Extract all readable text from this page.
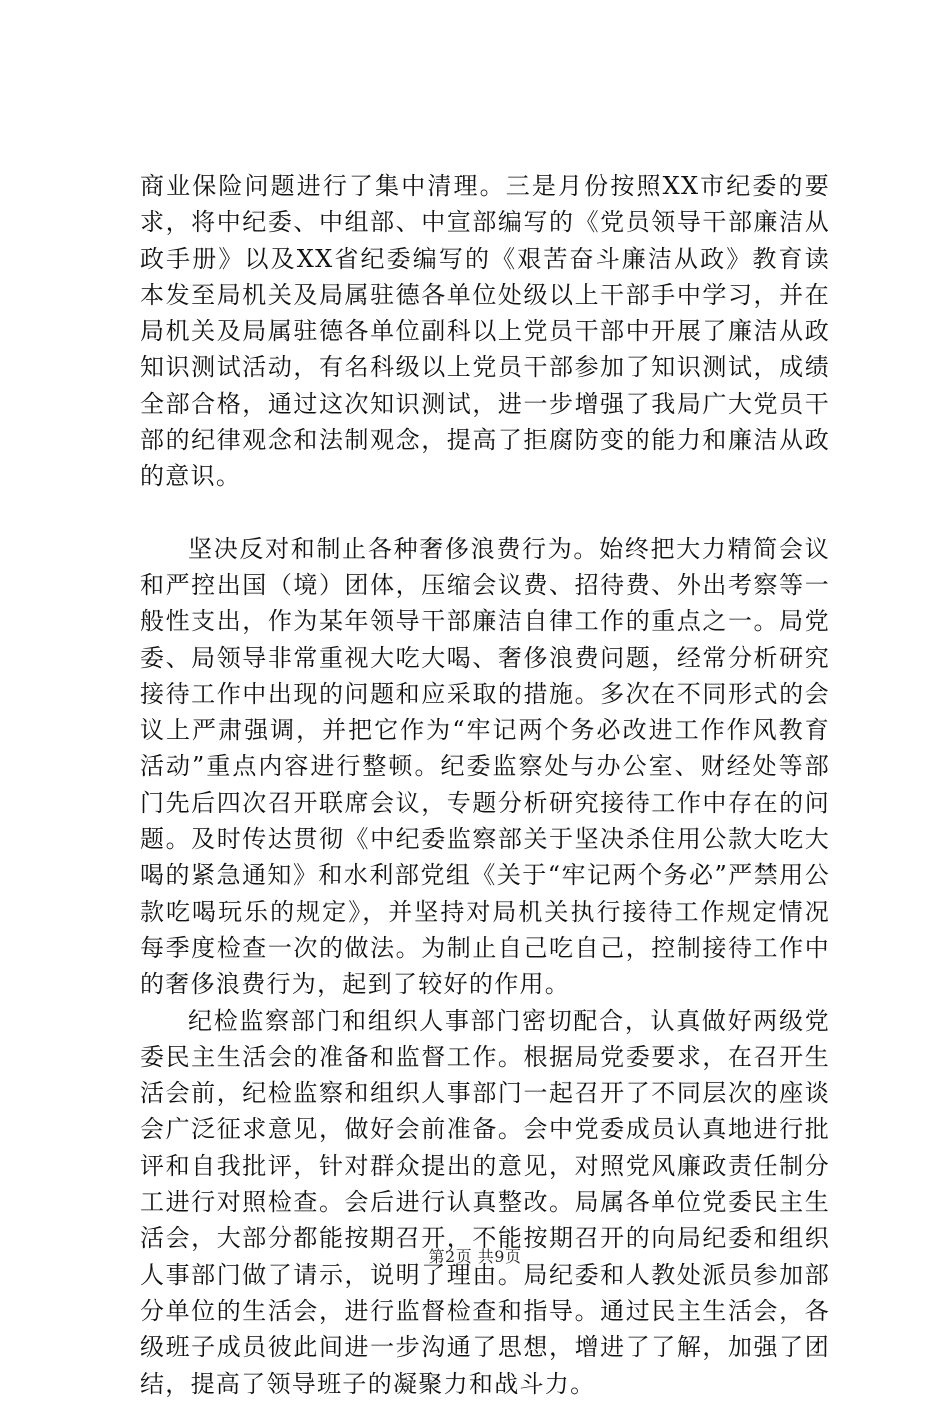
商业保险问题进行了集中清理。三是月份按照XX市纪委的要求，将中纪委、中组部、中宣部编写的《党员领导干部廉洁从政手册》以及XX省纪委编写的《艰苦奋斗廉洁从政》教育读本发至局机关及局属驻德各单位处级以上干部手中学习，并在局机关及局属驻德各单位副科以上党员干部中开展了廉洁从政知识测试活动，有名科级以上党员干部参加了知识测试，成绩全部合格，通过这次知识测试，进一步增强了我局广大党员干部的纪律观念和法制观念，提高了拒腐防变的能力和廉洁从政的意识。

坚决反对和制止各种奢侈浪费行为。始终把大力精简会议和严控出国（境）团体，压缩会议费、招待费、外出考察等一般性支出，作为某年领导干部廉洁自律工作的重点之一。局党委、局领导非常重视大吃大喝、奢侈浪费问题，经常分析研究接待工作中出现的问题和应采取的措施。多次在不同形式的会议上严肃强调，并把它作为“牢记两个务必改进工作作风教育活动”重点内容进行整顿。纪委监察处与办公室、财经处等部门先后四次召开联席会议，专题分析研究接待工作中存在的问题。及时传达贯彻《中纪委监察部关于坚决杀住用公款大吃大喝的紧急通知》和水利部党组《关于“牢记两个务必”严禁用公款吃喝玩乐的规定》，并坚持对局机关执行接待工作规定情况每季度检查一次的做法。为制止自己吃自己，控制接待工作中的奢侈浪费行为，起到了较好的作用。

纪检监察部门和组织人事部门密切配合，认真做好两级党委民主生活会的准备和监督工作。根据局党委要求，在召开生活会前，纪检监察和组织人事部门一起召开了不同层次的座谈会广泛征求意见，做好会前准备。会中党委成员认真地进行批评和自我批评，针对群众提出的意见，对照党风廉政责任制分工进行对照检查。会后进行认真整改。局属各单位党委民主生活会，大部分都能按期召开，不能按期召开的向局纪委和组织人事部门做了请示，说明了理由。局纪委和人教处派员参加部分单位的生活会，进行监督检查和指导。通过民主生活会，各级班子成员彼此间进一步沟通了思想，增进了了解，加强了团结，提高了领导班子的凝聚力和战斗力。

第2页 共9页
